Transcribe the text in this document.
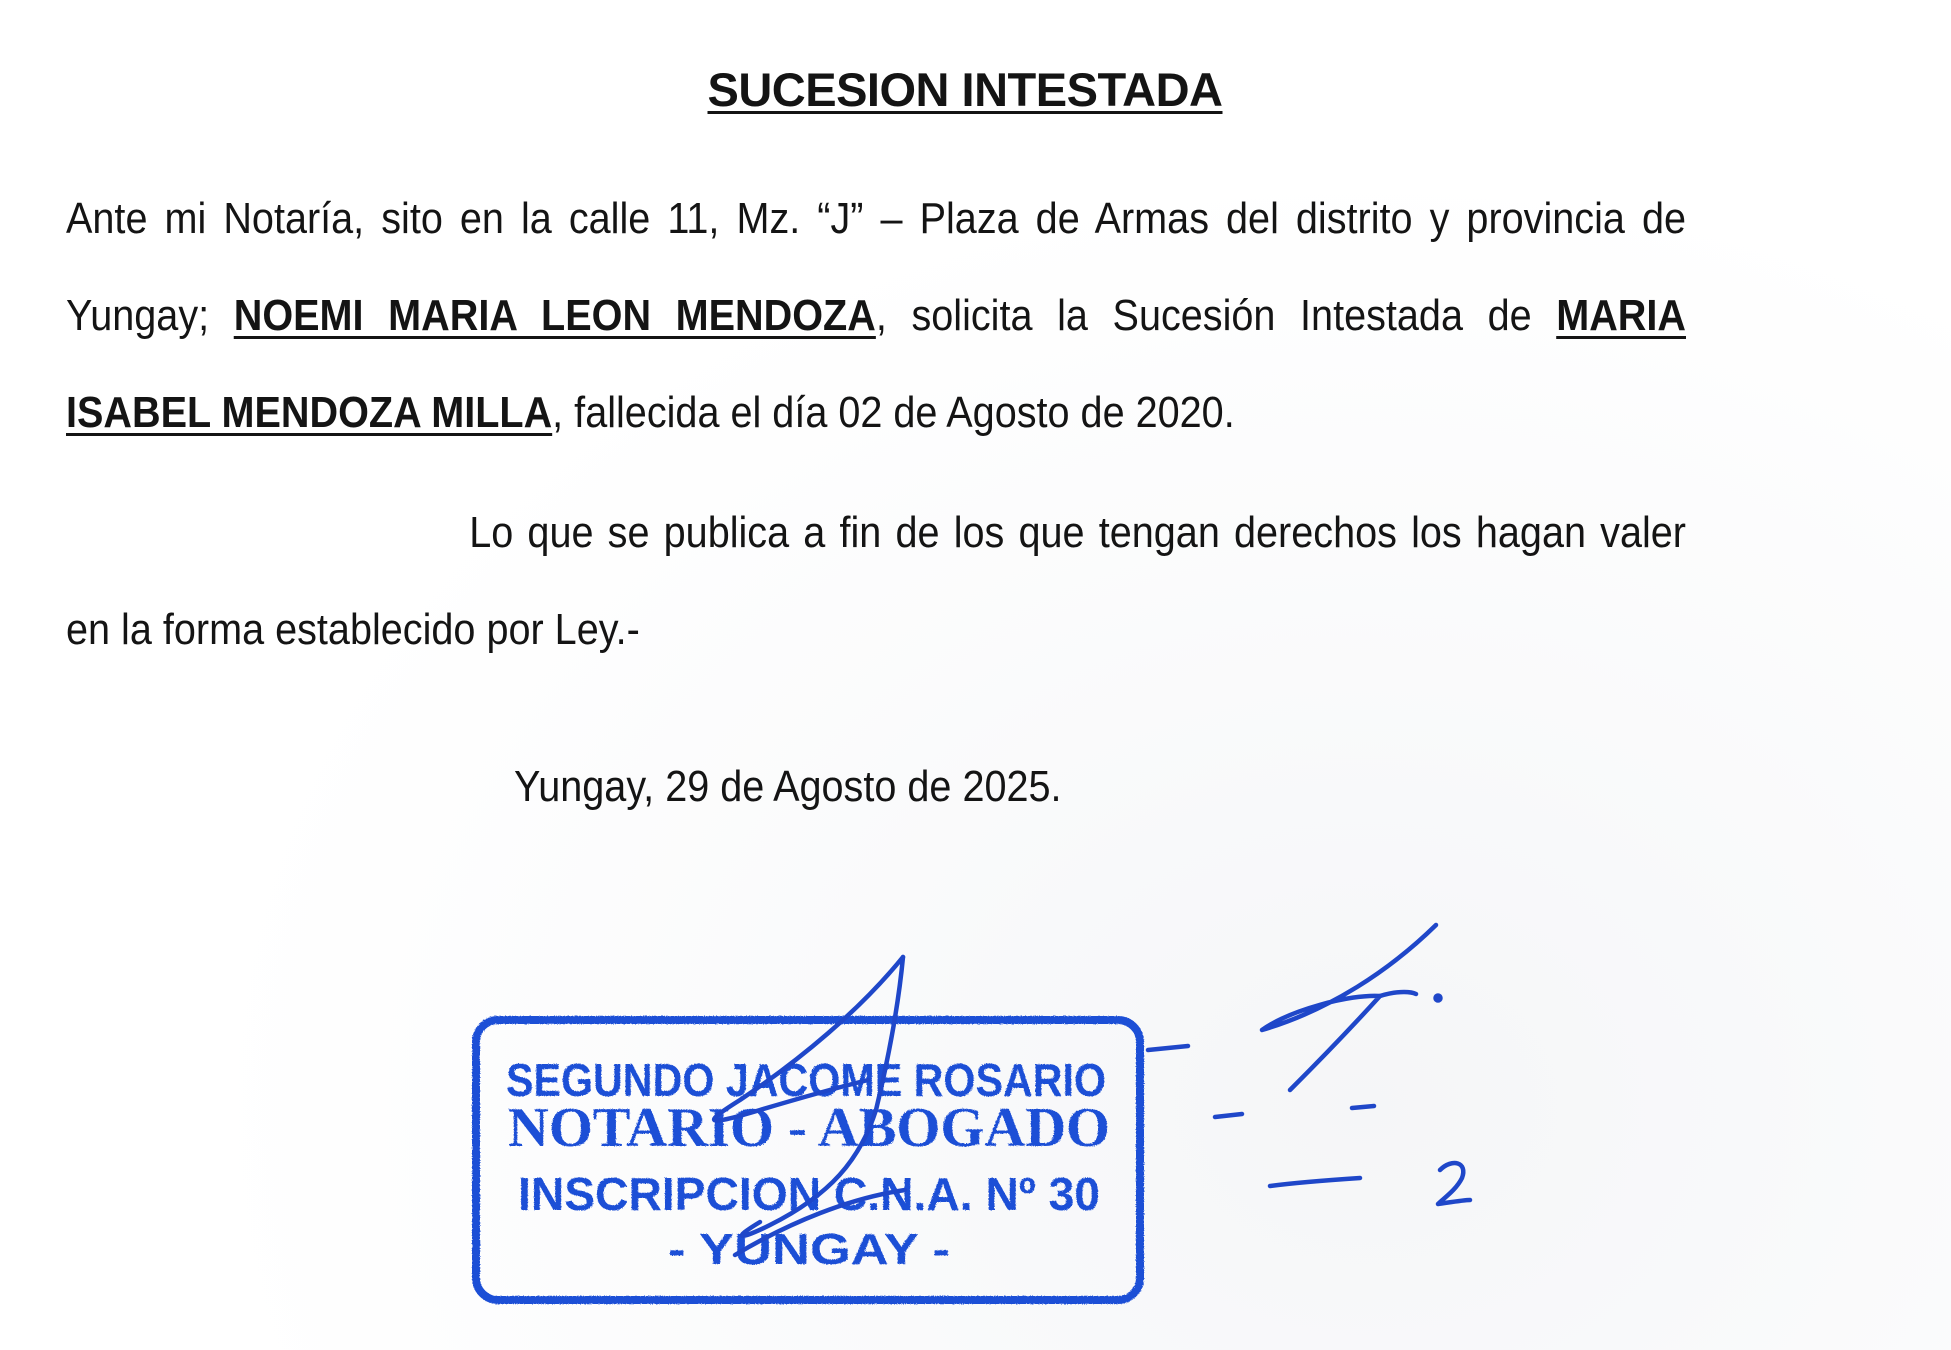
SUCESION INTESTADA
Ante mi Notaría, sito en la calle 11, Mz. “J” – Plaza de Armas del distrito y provincia de
Yungay; NOEMI MARIA LEON MENDOZA, solicita la Sucesión Intestada de MARIA
ISABEL MENDOZA MILLA, fallecida el día 02 de Agosto de 2020.
Lo que se publica a fin de los que tengan derechos los hagan valer
en la forma establecido por Ley.-
Yungay, 29 de Agosto de 2025.
SEGUNDO JACOME ROSARIO
NOTARIO - ABOGADO
INSCRIPCION C.N.A. Nº 30
- YUNGAY -
